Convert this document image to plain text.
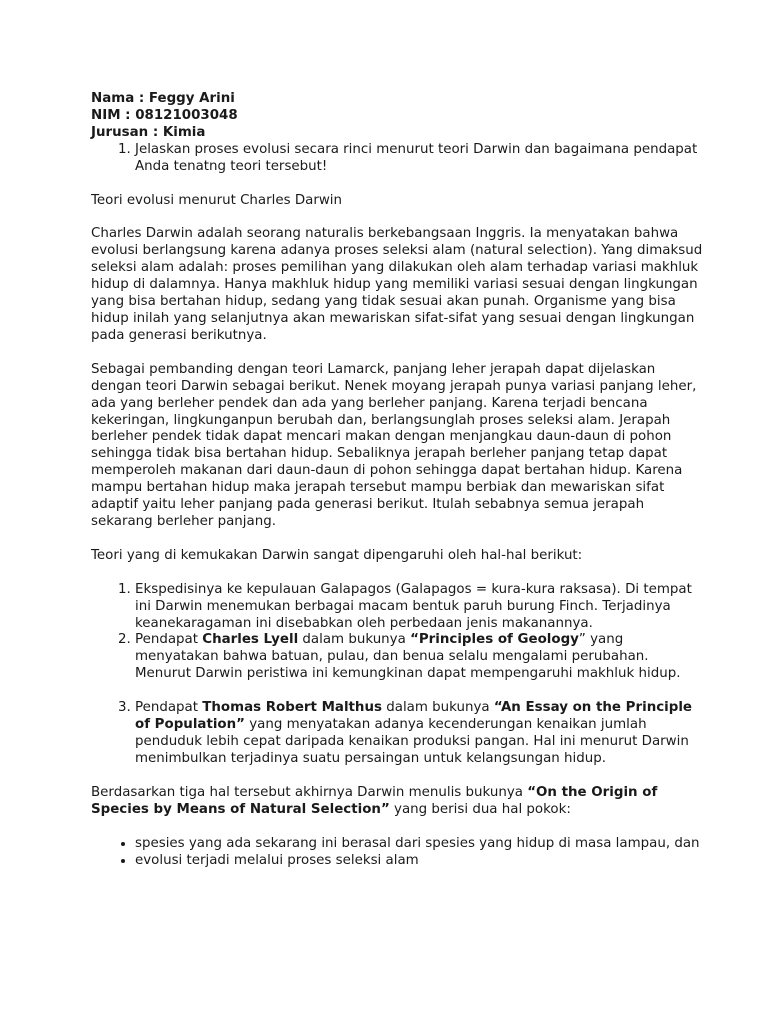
Nama : Feggy Arini
NIM : 08121003048
Jurusan : Kimia
1. Jelaskan proses evolusi secara rinci menurut teori Darwin dan bagaimana pendapat Anda tenatng teori tersebut!

Teori evolusi menurut Charles Darwin

Charles Darwin adalah seorang naturalis berkebangsaan Inggris. Ia menyatakan bahwa evolusi berlangsung karena adanya proses seleksi alam (natural selection). Yang dimaksud seleksi alam adalah: proses pemilihan yang dilakukan oleh alam terhadap variasi makhluk hidup di dalamnya. Hanya makhluk hidup yang memiliki variasi sesuai dengan lingkungan yang bisa bertahan hidup, sedang yang tidak sesuai akan punah. Organisme yang bisa hidup inilah yang selanjutnya akan mewariskan sifat-sifat yang sesuai dengan lingkungan pada generasi berikutnya.

Sebagai pembanding dengan teori Lamarck, panjang leher jerapah dapat dijelaskan dengan teori Darwin sebagai berikut. Nenek moyang jerapah punya variasi panjang leher, ada yang berleher pendek dan ada yang berleher panjang. Karena terjadi bencana kekeringan, lingkunganpun berubah dan, berlangsunglah proses seleksi alam. Jerapah berleher pendek tidak dapat mencari makan dengan menjangkau daun-daun di pohon sehingga tidak bisa bertahan hidup. Sebaliknya jerapah berleher panjang tetap dapat memperoleh makanan dari daun-daun di pohon sehingga dapat bertahan hidup. Karena mampu bertahan hidup maka jerapah tersebut mampu berbiak dan mewariskan sifat adaptif yaitu leher panjang pada generasi berikut. Itulah sebabnya semua jerapah sekarang berleher panjang.

Teori yang di kemukakan Darwin sangat dipengaruhi oleh hal-hal berikut:

1. Ekspedisinya ke kepulauan Galapagos (Galapagos = kura-kura raksasa). Di tempat ini Darwin menemukan berbagai macam bentuk paruh burung Finch. Terjadinya keanekaragaman ini disebabkan oleh perbedaan jenis makanannya.
2. Pendapat Charles Lyell dalam bukunya “Principles of Geology” yang menyatakan bahwa batuan, pulau, dan benua selalu mengalami perubahan. Menurut Darwin peristiwa ini kemungkinan dapat mempengaruhi makhluk hidup.
3. Pendapat Thomas Robert Malthus dalam bukunya “An Essay on the Principle of Population” yang menyatakan adanya kecenderungan kenaikan jumlah penduduk lebih cepat daripada kenaikan produksi pangan. Hal ini menurut Darwin menimbulkan terjadinya suatu persaingan untuk kelangsungan hidup.

Berdasarkan tiga hal tersebut akhirnya Darwin menulis bukunya “On the Origin of Species by Means of Natural Selection” yang berisi dua hal pokok:

• spesies yang ada sekarang ini berasal dari spesies yang hidup di masa lampau, dan
• evolusi terjadi melalui proses seleksi alam
